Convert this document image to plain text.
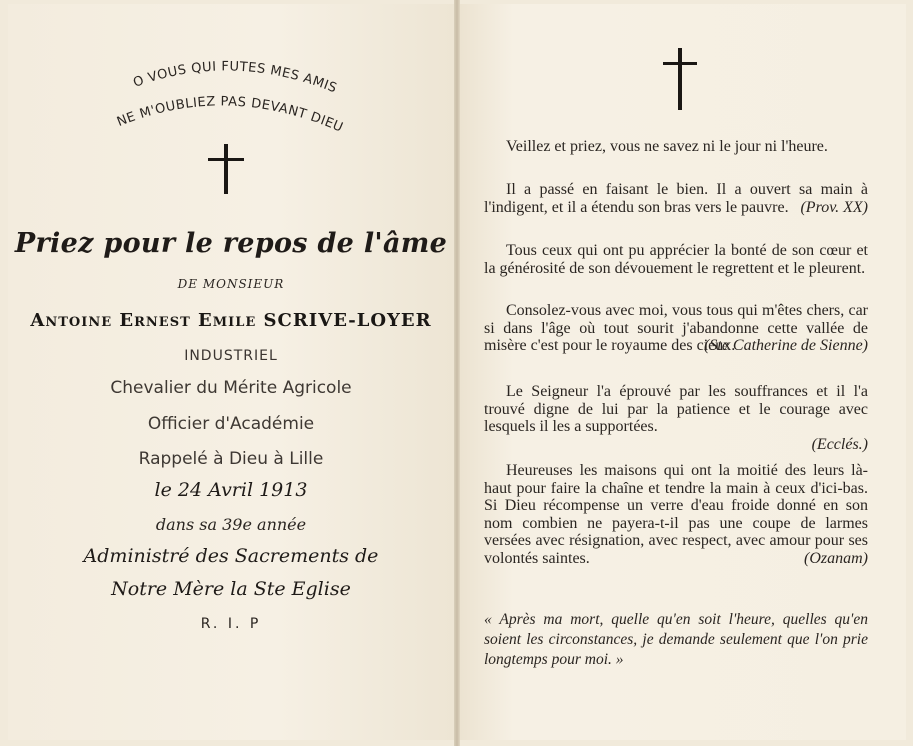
O VOUS QUI FUTES MES AMIS
NE M'OUBLIEZ PAS DEVANT DIEU
Priez pour le repos de l'âme
DE MONSIEUR
Antoine Ernest Emile SCRIVE-LOYER
INDUSTRIEL
Chevalier du Mérite Agricole
Officier d'Académie
Rappelé à Dieu à Lille
le 24 Avril 1913
dans sa 39e année
Administré des Sacrements de
Notre Mère la Ste Eglise
R. I. P
Veillez et priez, vous ne savez ni le jour ni l'heure.
Il a passé en faisant le bien. Il a ouvert sa main à l'indigent, et il a étendu son bras vers le pauvre. (Prov. XX)
Tous ceux qui ont pu apprécier la bonté de son cœur et la générosité de son dévouement le regrettent et le pleurent.
Consolez-vous avec moi, vous tous qui m'êtes chers, car si dans l'âge où tout sourit j'abandonne cette vallée de misère c'est pour le royaume des cieux.
(Ste Catherine de Sienne)
Le Seigneur l'a éprouvé par les souffrances et il l'a trouvé digne de lui par la patience et le courage avec lesquels il les a supportées.
(Ecclés.)
Heureuses les maisons qui ont la moitié des leurs là-haut pour faire la chaîne et tendre la main à ceux d'ici-bas. Si Dieu récompense un verre d'eau froide donné en son nom combien ne payera-t-il pas une coupe de larmes versées avec résignation, avec respect, avec amour pour ses volontés saintes.	(Ozanam)
« Après ma mort, quelle qu'en soit l'heure, quelles qu'en soient les circonstances, je demande seulement que l'on prie longtemps pour moi. »
